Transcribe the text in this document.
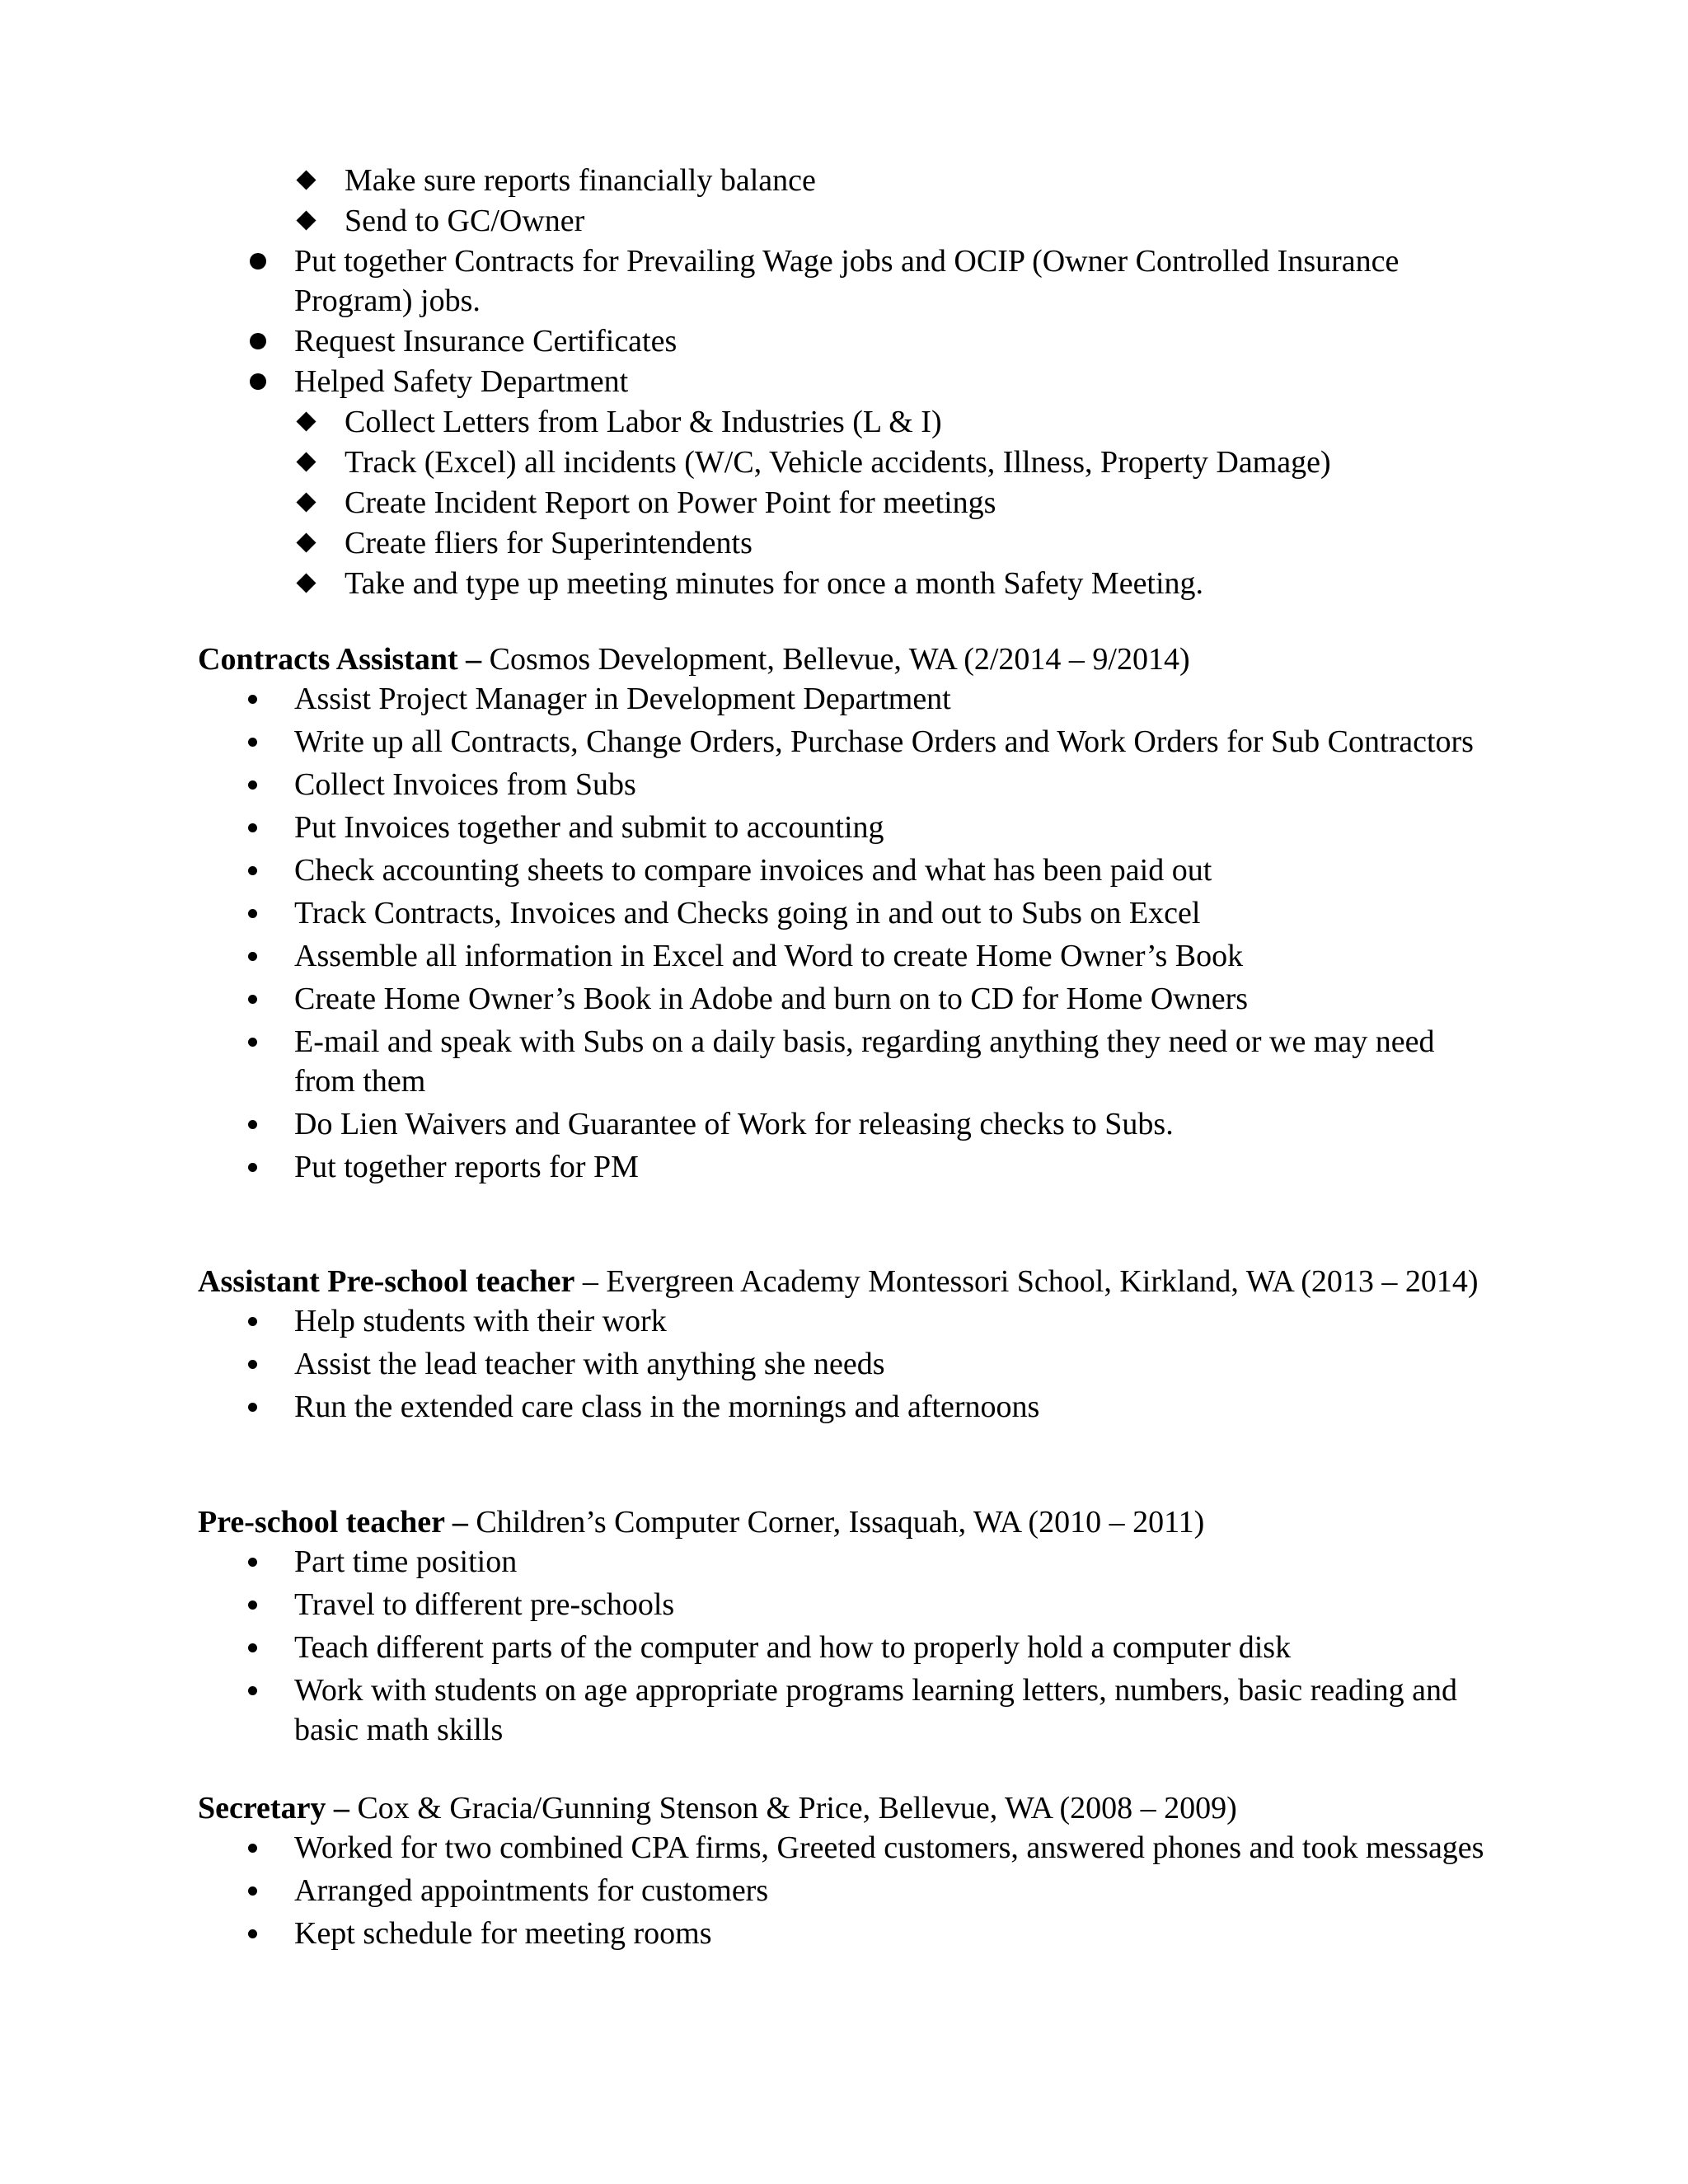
Make sure reports financially balance
Send to GC/Owner
Put together Contracts for Prevailing Wage jobs and OCIP (Owner Controlled Insurance Program) jobs.
Request Insurance Certificates
Helped Safety Department
Collect Letters from Labor & Industries (L & I)
Track (Excel) all incidents (W/C, Vehicle accidents, Illness, Property Damage)
Create Incident Report on Power Point for meetings
Create fliers for Superintendents
Take and type up meeting minutes for once a month Safety Meeting.
Contracts Assistant – Cosmos Development, Bellevue, WA (2/2014 – 9/2014)
Assist Project Manager in Development Department
Write up all Contracts, Change Orders, Purchase Orders and Work Orders for Sub Contractors
Collect Invoices from Subs
Put Invoices together and submit to accounting
Check accounting sheets to compare invoices and what has been paid out
Track Contracts, Invoices and Checks going in and out to Subs on Excel
Assemble all information in Excel and Word to create Home Owner’s Book
Create Home Owner’s Book in Adobe and burn on to CD for Home Owners
E-mail and speak with Subs on a daily basis, regarding anything they need or we may need from them
Do Lien Waivers and Guarantee of Work for releasing checks to Subs.
Put together reports for PM
Assistant Pre-school teacher – Evergreen Academy Montessori School, Kirkland, WA (2013 – 2014)
Help students with their work
Assist the lead teacher with anything she needs
Run the extended care class in the mornings and afternoons
Pre-school teacher – Children’s Computer Corner, Issaquah, WA (2010 – 2011)
Part time position
Travel to different pre-schools
Teach different parts of the computer and how to properly hold a computer disk
Work with students on age appropriate programs learning letters, numbers, basic reading and basic math skills
Secretary – Cox & Gracia/Gunning Stenson & Price, Bellevue, WA (2008 – 2009)
Worked for two combined CPA firms, Greeted customers, answered phones and took messages
Arranged appointments for customers
Kept schedule for meeting rooms
